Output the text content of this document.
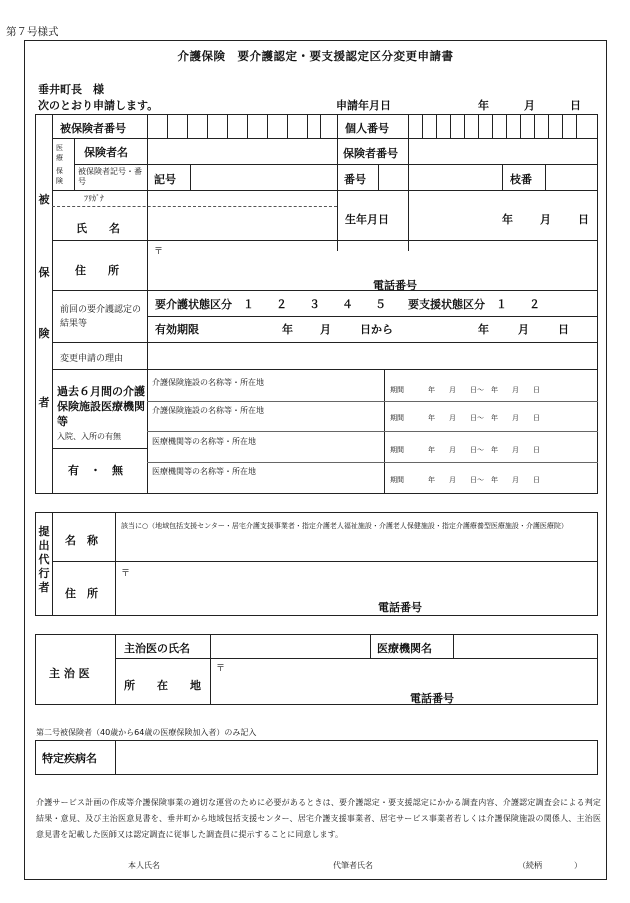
第７号様式
介護保険　要介護認定・要支援認定区分変更申請書
垂井町長　様
次のとおり申請します。	申請年月日	年	月	日
被
保
険
者
被保険者番号	個人番号
医
療
保
険
保険者名	保険者番号
被保険者記号・番号	記号	番号	枝番
ﾌﾘｶﾞﾅ
氏　　名
生年月日	年 月 日
住　　所
〒
電話番号
前回の要介護認定の結果等
要介護状態区分　１　　２　　３　　４　　５　　要支援状態区分　１　　２
有効期限	年 月	日から	年	月	日
変更申請の理由
過去６月間の介護保険施設医療機関等
入院、入所の有無
有　・　無
介護保険施設の名称等・所在地
期間	年　　月　　日～　年　　月　　日
介護保険施設の名称等・所在地
期間	年　　月　　日～　年　　月　　日
医療機関等の名称等・所在地
期間	年　　月　　日～　年　　月　　日
医療機関等の名称等・所在地
期間	年　　月　　日～　年　　月　　日
提
出
代
行
者
名　称
該当に○（地域包括支援センター・居宅介護支援事業者・指定介護老人福祉施設・介護老人保健施設・指定介護療養型医療施設・介護医療院）
住　所
〒
電話番号
主 治 医
主治医の氏名	医療機関名
所　　在　　地
〒
電話番号
第二号被保険者（40歳から64歳の医療保険加入者）のみ記入
特定疾病名
介護サービス計画の作成等介護保険事業の適切な運営のために必要があるときは、要介護認定・要支援認定にかかる調査内容、介護認定調査会による判定結果・意見、及び主治医意見書を、垂井町から地域包括支援センター、居宅介護支援事業者、居宅サービス事業者若しくは介護保険施設の関係人、主治医意見書を記載した医師又は認定調査に従事した調査員に提示することに同意します。
本人氏名	代筆者氏名	（続柄　　　　）
